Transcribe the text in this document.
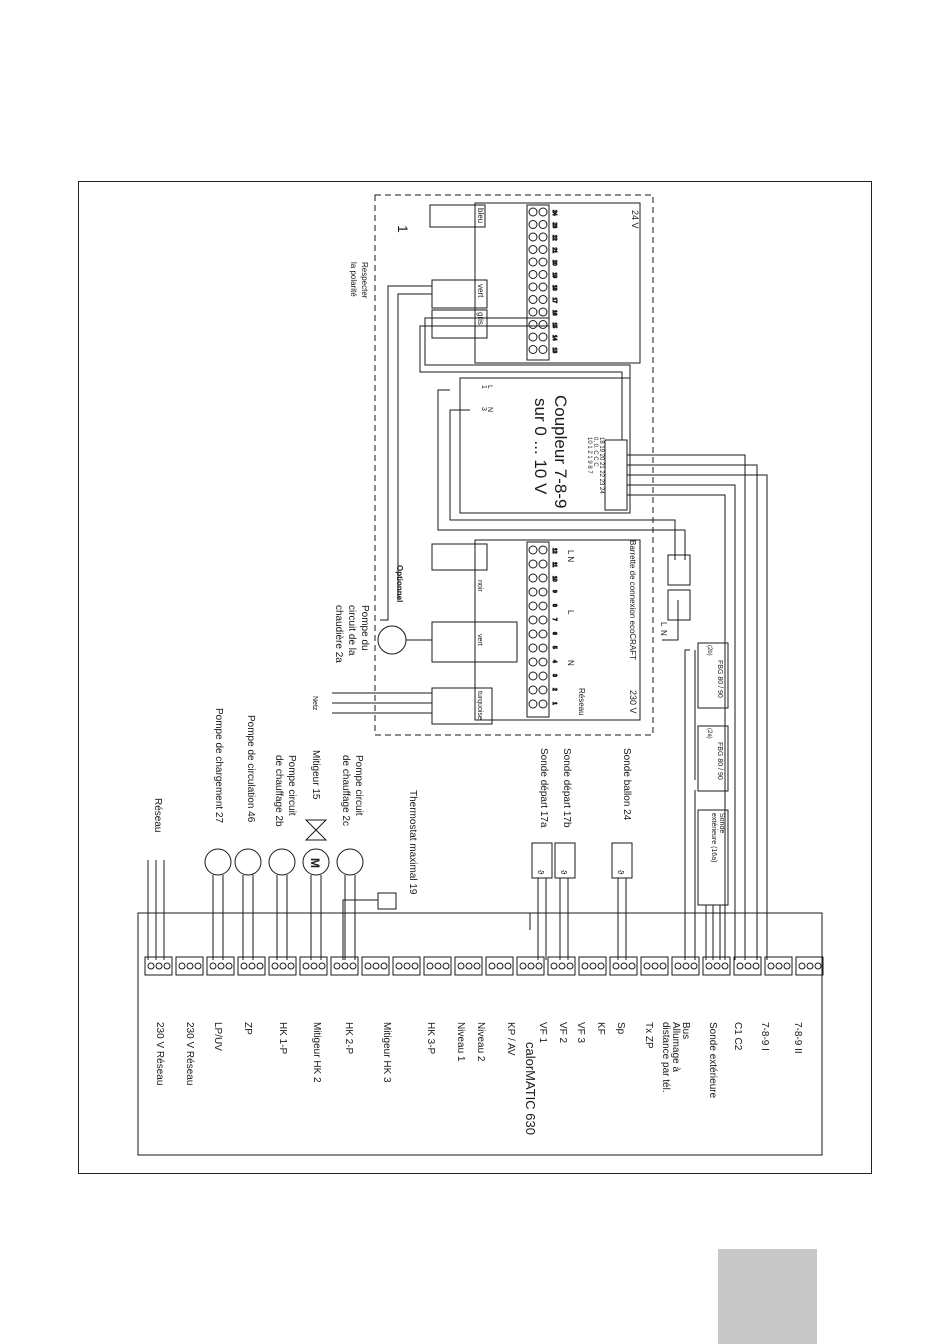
24
23
22
21
20
19
18
17
16
15
14
13
12
11
10
9
8
7
6
5
4
3
2
1
1
24 V
bleu
vert
gris
Respecter
la polarité
Coupleur 7-8-9
sur 0 ... 10 V	18 19 20 21 22 23 24
0. 0. C C C
10 1 2 1 9 8 7
L
1
N
3
Barrette de connexion ecoCRAFT
230 V
Réseau
L N
L
N
noir
vert
turquoise
Optionnel
Netz
L
N
Pompe du
circuit de la
chaudière 2a
FBG 80 / 90
(2b)
FBG 80 / 90
(2a)
Sonde
extérieure (16a)
Sonde ballon 24
ϑ
Sonde départ 17b
ϑ
Sonde départ 17a
ϑ
Thermostat maximal 19
Pompe circuit
de chauffage 2c
Mitigeur 15
M
Pompe circuit
de chauffage 2b
Pompe de circulation 46
Pompe de chargement 27
Réseau
calorMATIC 630
7-8-9 II
7-8-9 I
C1 C2
Sonde extérieure
Bus
Allumage à
distance par tél.
Tx ZP
Sp
KF
VF 3
VF 2
VF 1
KP / AV
Niveau 2
Niveau 1
HK 3-P
Mitigeur HK 3
HK 2-P
Mitigeur HK 2
HK 1-P
ZP
LP/UV
230 V Réseau
230 V Réseau
